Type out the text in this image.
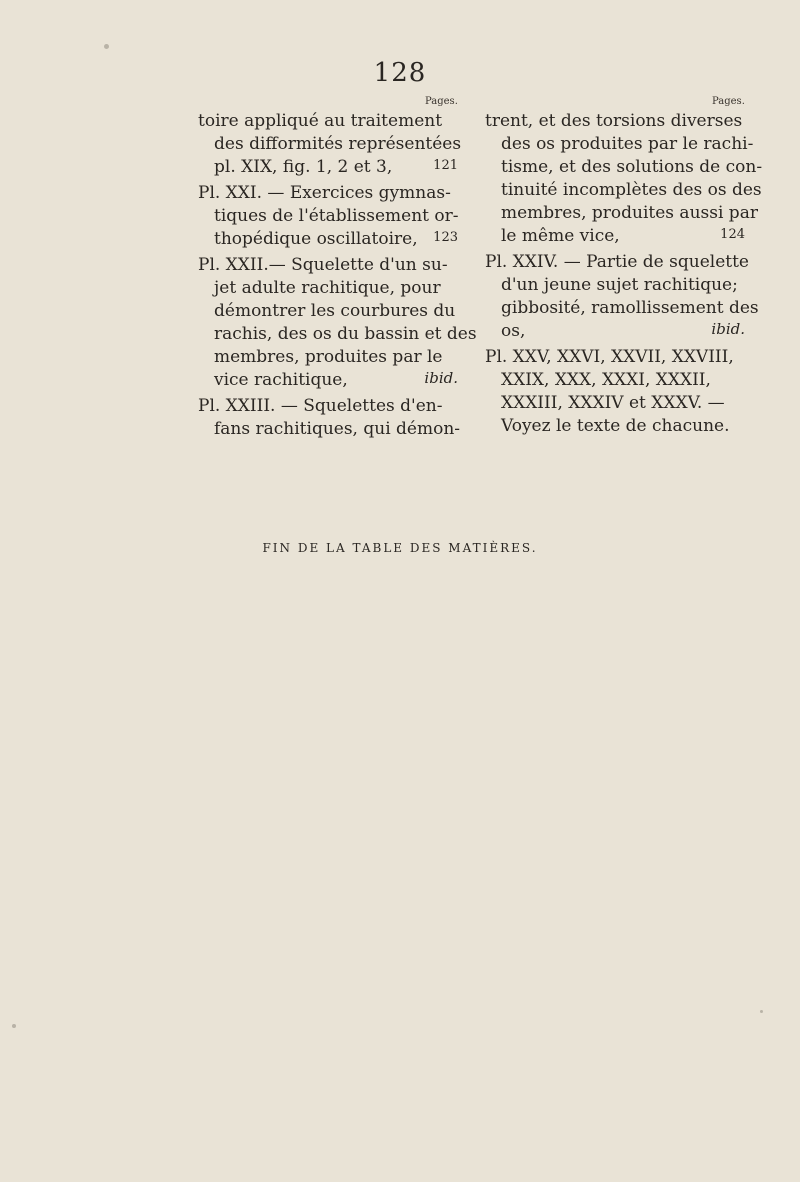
128
Pages.	Pages.
toire appliqué au traitement
des difformités représentées
pl. XIX, fig. 1, 2 et 3,	121
Pl. XXI. — Exercices gymnas-
tiques de l'établissement or-
thopédique oscillatoire,	123
Pl. XXII.— Squelette d'un su-
jet adulte rachitique, pour
démontrer les courbures du
rachis, des os du bassin et des
membres, produites par le
vice rachitique,	ibid.
Pl. XXIII. — Squelettes d'en-
fans rachitiques, qui démon-
trent, et des torsions diverses
des os produites par le rachi-
tisme, et des solutions de con-
tinuité incomplètes des os des
membres, produites aussi par
le même vice,	124
Pl. XXIV. — Partie de squelette
d'un jeune sujet rachitique;
gibbosité, ramollissement des
os,	ibid.
Pl. XXV, XXVI, XXVII, XXVIII,
XXIX, XXX, XXXI, XXXII,
XXXIII, XXXIV et XXXV. —
Voyez le texte de chacune.
FIN DE LA TABLE DES MATIÈRES.
